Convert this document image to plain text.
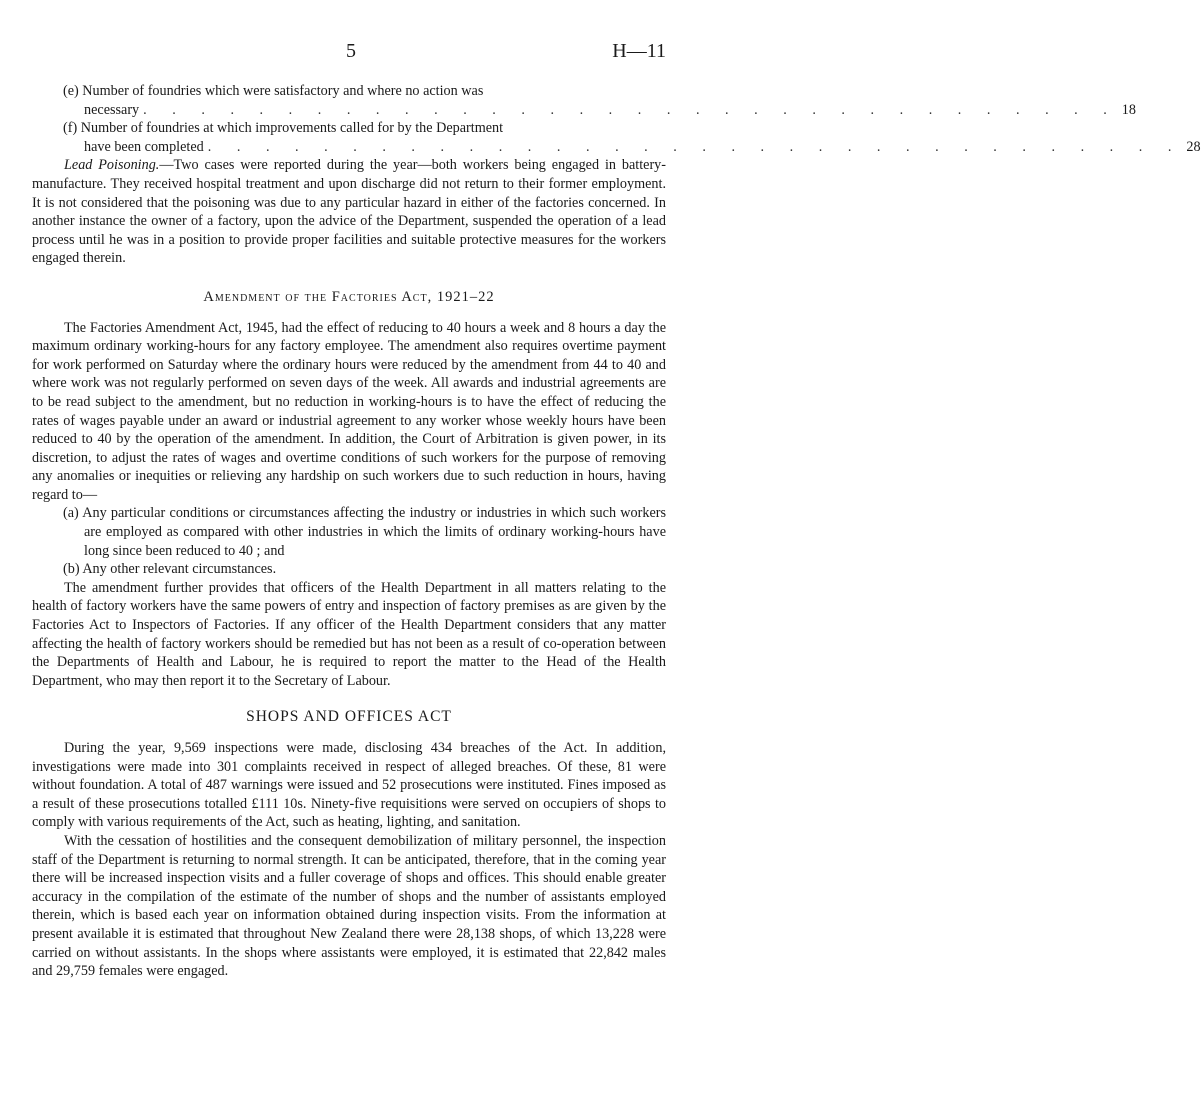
5	H—11
(e) Number of foundries which were satisfactory and where no action was
necessary . . . . . . . . . . . . . . . . . . . . . . . . . . . . . . . . . . 18
(f) Number of foundries at which improvements called for by the Department
have been completed . . . . . . . . . . . . . . . . . . . . . . . . . . . . . . . . . . 28

Lead Poisoning.—Two cases were reported during the year—both workers being engaged in battery-manufacture. They received hospital treatment and upon discharge did not return to their former employment. It is not considered that the poisoning was due to any particular hazard in either of the factories concerned. In another instance the owner of a factory, upon the advice of the Department, suspended the operation of a lead process until he was in a position to provide proper facilities and suitable protective measures for the workers engaged therein.

Amendment of the Factories Act, 1921–22

The Factories Amendment Act, 1945, had the effect of reducing to 40 hours a week and 8 hours a day the maximum ordinary working-hours for any factory employee. The amendment also requires overtime payment for work performed on Saturday where the ordinary hours were reduced by the amendment from 44 to 40 and where work was not regularly performed on seven days of the week. All awards and industrial agreements are to be read subject to the amendment, but no reduction in working-hours is to have the effect of reducing the rates of wages payable under an award or industrial agreement to any worker whose weekly hours have been reduced to 40 by the operation of the amendment. In addition, the Court of Arbitration is given power, in its discretion, to adjust the rates of wages and overtime conditions of such workers for the purpose of removing any anomalies or inequities or relieving any hardship on such workers due to such reduction in hours, having regard to—

(a) Any particular conditions or circumstances affecting the industry or industries in which such workers are employed as compared with other industries in which the limits of ordinary working-hours have long since been reduced to 40 ; and

(b) Any other relevant circumstances.

The amendment further provides that officers of the Health Department in all matters relating to the health of factory workers have the same powers of entry and inspection of factory premises as are given by the Factories Act to Inspectors of Factories. If any officer of the Health Department considers that any matter affecting the health of factory workers should be remedied but has not been as a result of co-operation between the Departments of Health and Labour, he is required to report the matter to the Head of the Health Department, who may then report it to the Secretary of Labour.

SHOPS AND OFFICES ACT

During the year, 9,569 inspections were made, disclosing 434 breaches of the Act. In addition, investigations were made into 301 complaints received in respect of alleged breaches. Of these, 81 were without foundation. A total of 487 warnings were issued and 52 prosecutions were instituted. Fines imposed as a result of these prosecutions totalled £111 10s. Ninety-five requisitions were served on occupiers of shops to comply with various requirements of the Act, such as heating, lighting, and sanitation.

With the cessation of hostilities and the consequent demobilization of military personnel, the inspection staff of the Department is returning to normal strength. It can be anticipated, therefore, that in the coming year there will be increased inspection visits and a fuller coverage of shops and offices. This should enable greater accuracy in the compilation of the estimate of the number of shops and the number of assistants employed therein, which is based each year on information obtained during inspection visits. From the information at present available it is estimated that throughout New Zealand there were 28,138 shops, of which 13,228 were carried on without assistants. In the shops where assistants were employed, it is estimated that 22,842 males and 29,759 females were engaged.
